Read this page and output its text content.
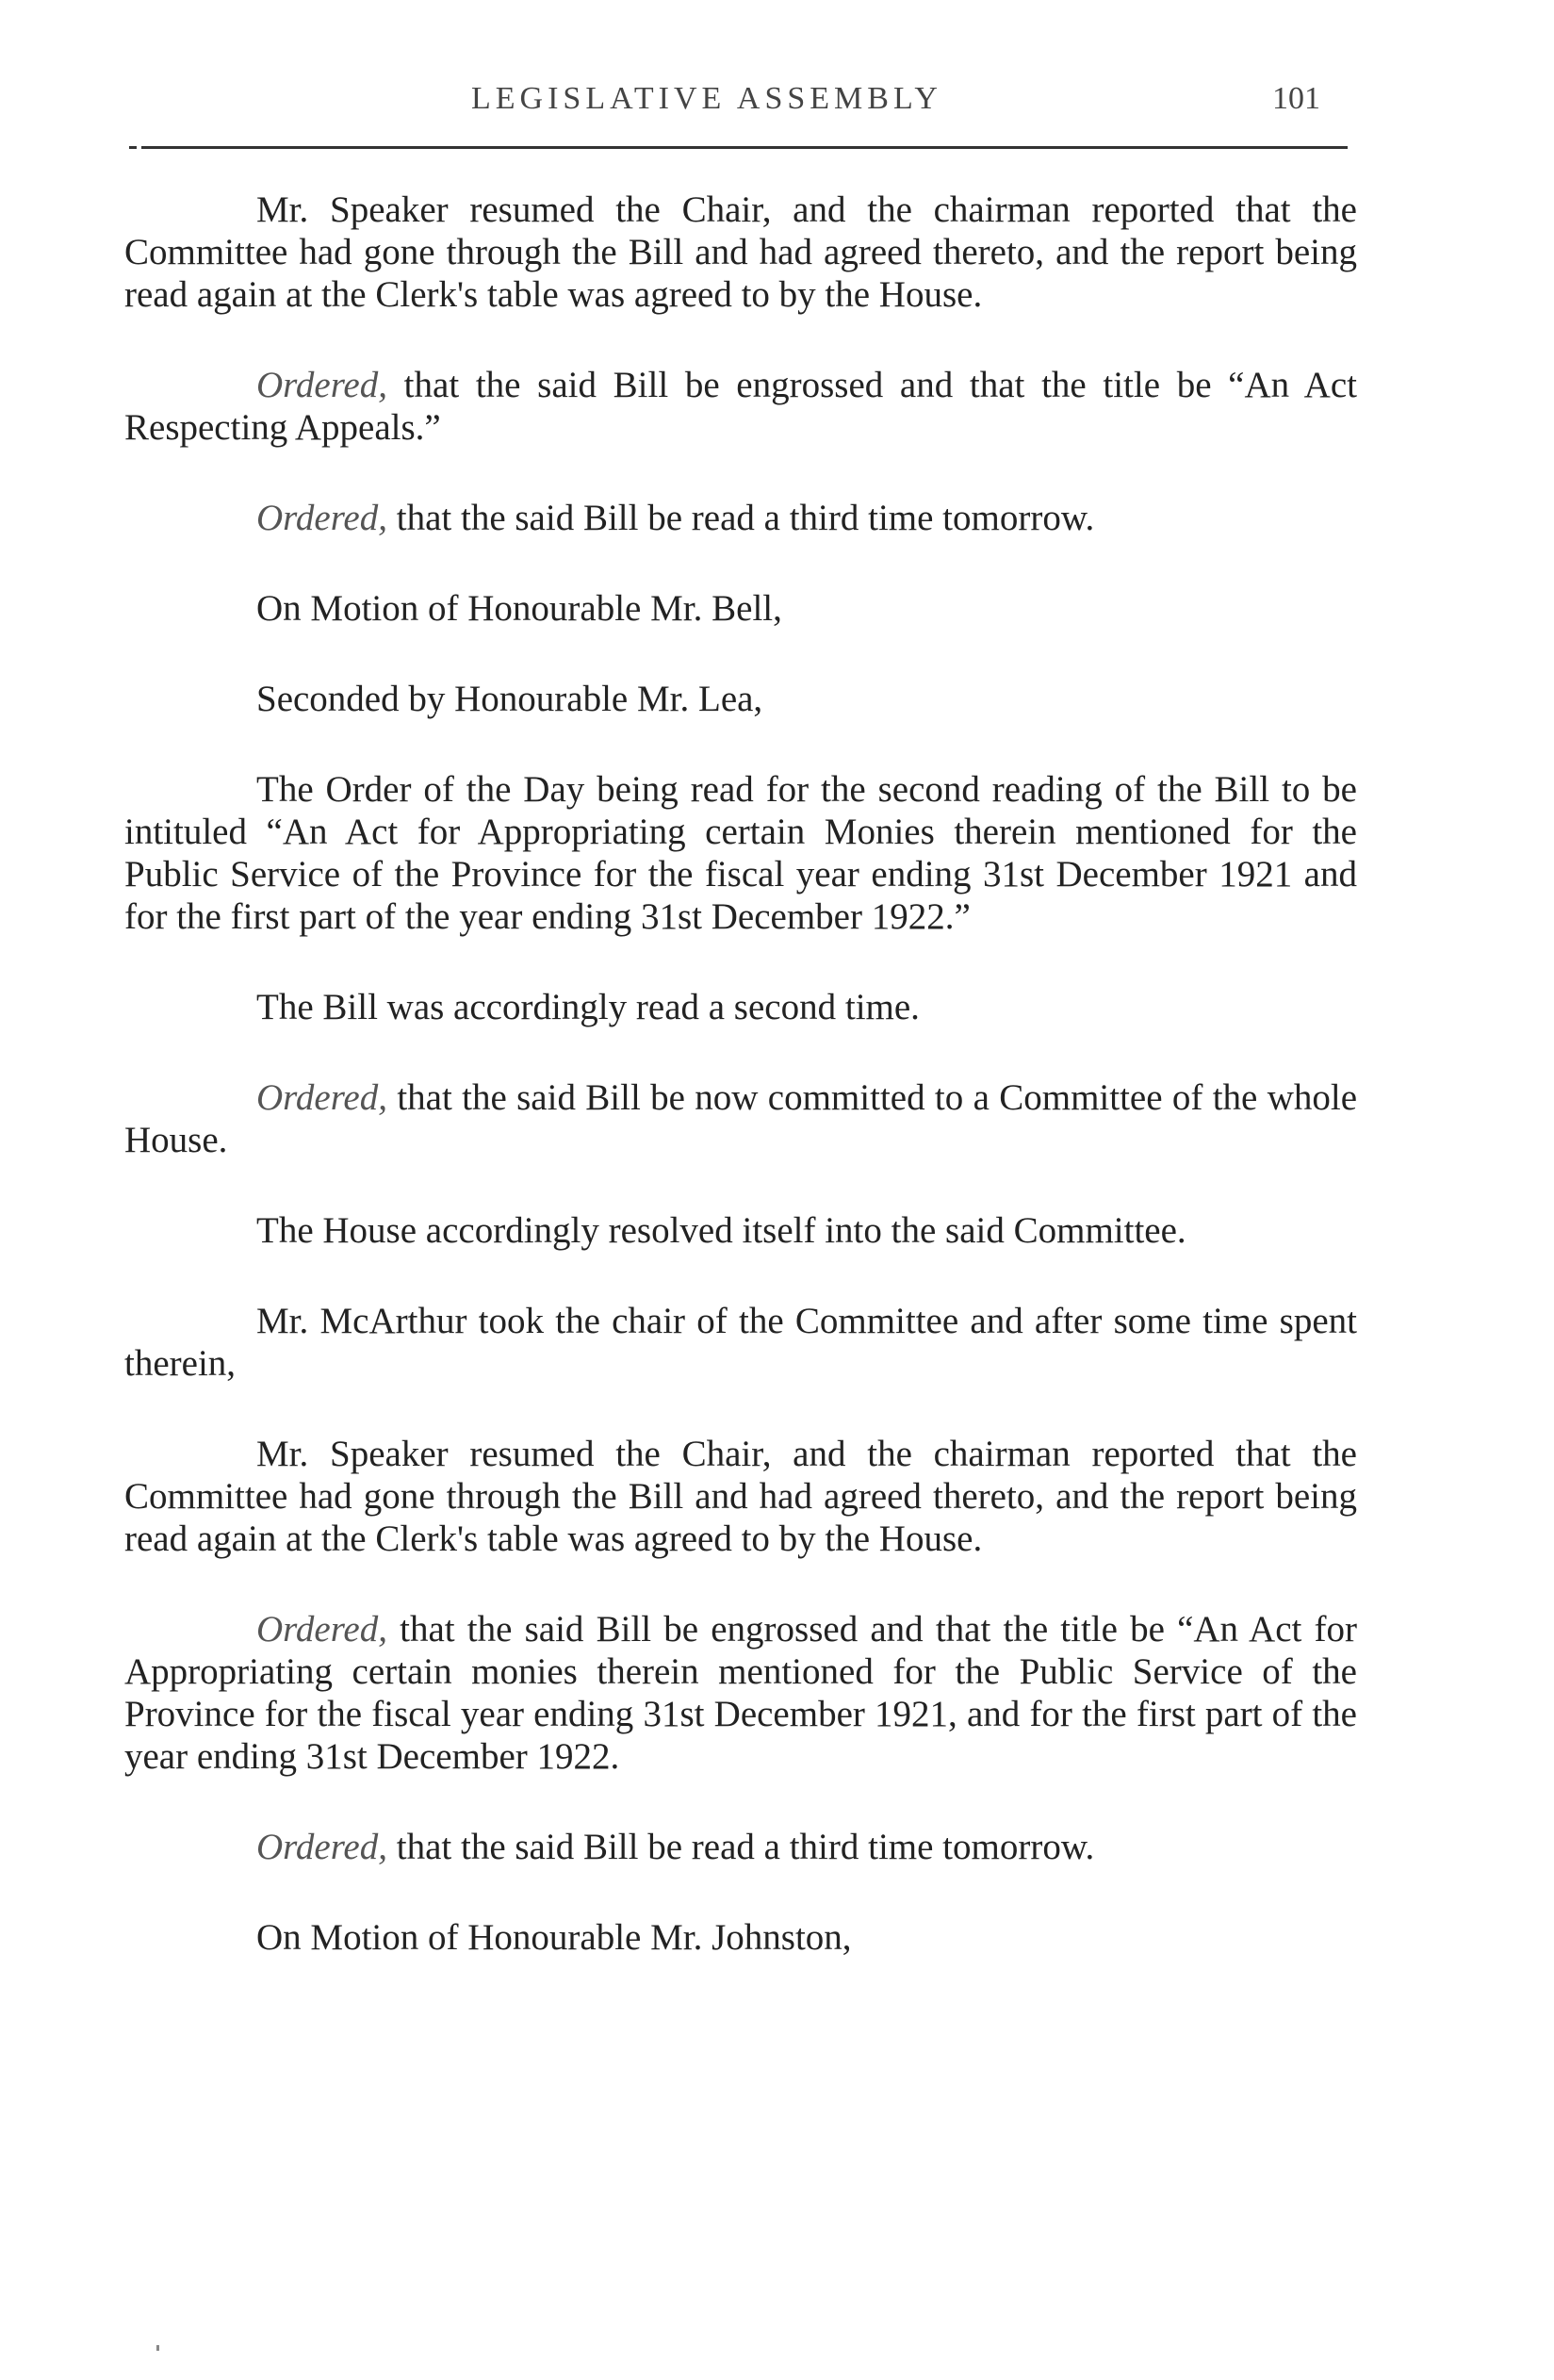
LEGISLATIVE ASSEMBLY	101

Mr. Speaker resumed the Chair, and the chairman reported that the Committee had gone through the Bill and had agreed thereto, and the report being read again at the Clerk's table was agreed to by the House.

Ordered, that the said Bill be engrossed and that the title be “An Act Respecting Appeals.”

Ordered, that the said Bill be read a third time tomorrow.

On Motion of Honourable Mr. Bell,

Seconded by Honourable Mr. Lea,

The Order of the Day being read for the second reading of the Bill to be intituled “An Act for Appropriating certain Monies therein mentioned for the Public Service of the Province for the fiscal year ending 31st December 1921 and for the first part of the year ending 31st December 1922.”

The Bill was accordingly read a second time.

Ordered, that the said Bill be now committed to a Committee of the whole House.

The House accordingly resolved itself into the said Committee.

Mr. McArthur took the chair of the Committee and after some time spent therein,

Mr. Speaker resumed the Chair, and the chairman reported that the Committee had gone through the Bill and had agreed thereto, and the report being read again at the Clerk's table was agreed to by the House.

Ordered, that the said Bill be engrossed and that the title be “An Act for Appropriating certain monies therein mentioned for the Public Service of the Province for the fiscal year ending 31st December 1921, and for the first part of the year ending 31st December 1922.

Ordered, that the said Bill be read a third time tomorrow.

On Motion of Honourable Mr. Johnston,
